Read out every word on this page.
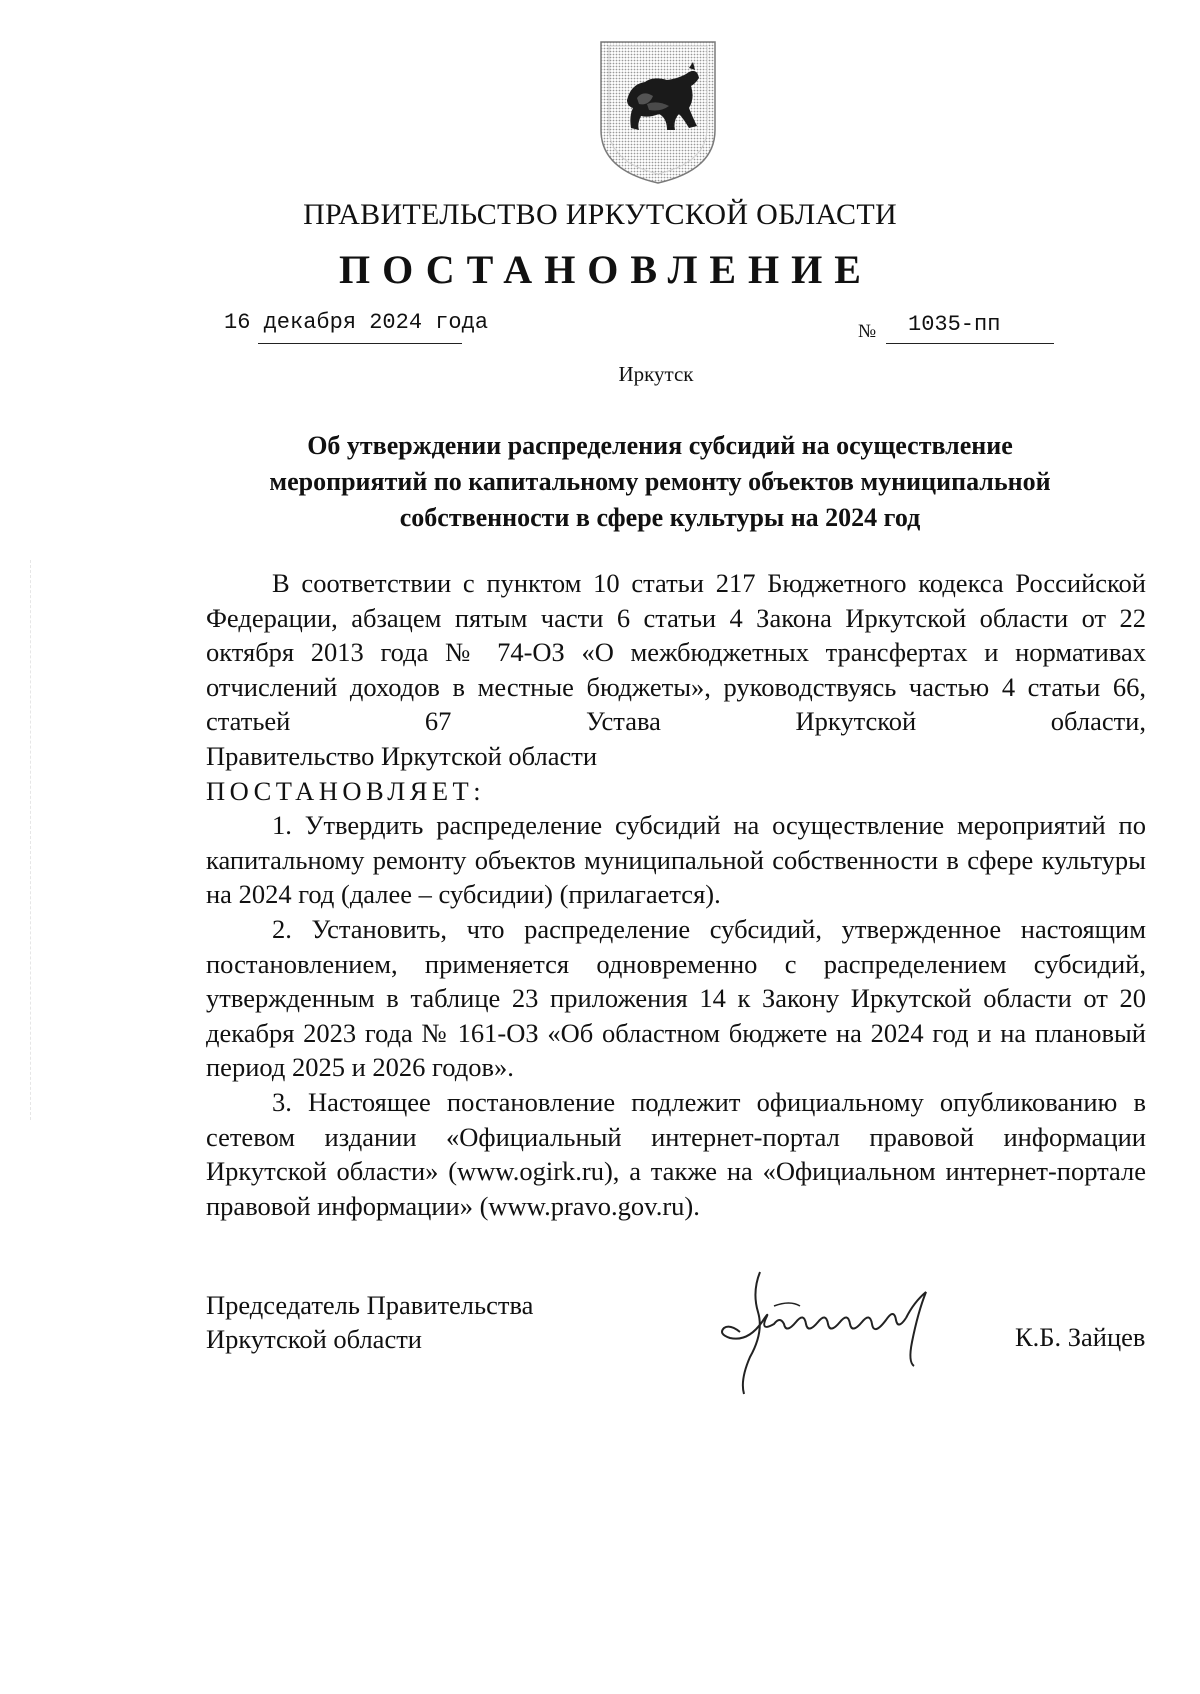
ПРАВИТЕЛЬСТВО ИРКУТСКОЙ ОБЛАСТИ
ПОСТАНОВЛЕНИЕ
16 декабря 2024 года	№ 1035-пп
Иркутск
Об утверждении распределения субсидий на осуществление
мероприятий по капитальному ремонту объектов муниципальной
собственности в сфере культуры на 2024 год

В соответствии с пунктом 10 статьи 217 Бюджетного кодекса Российской Федерации, абзацем пятым части 6 статьи 4 Закона Иркутской области от 22 октября 2013 года № 74-ОЗ «О межбюджетных трансфертах и нормативах отчислений доходов в местные бюджеты», руководствуясь частью 4 статьи 66, статьей 67 Устава Иркутской области,

Правительство Иркутской области

ПОСТАНОВЛЯЕТ:

1. Утвердить распределение субсидий на осуществление мероприятий по капитальному ремонту объектов муниципальной собственности в сфере культуры на 2024 год (далее – субсидии) (прилагается).

2. Установить, что распределение субсидий, утвержденное настоящим постановлением, применяется одновременно с распределением субсидий, утвержденным в таблице 23 приложения 14 к Закону Иркутской области от 20 декабря 2023 года № 161-ОЗ «Об областном бюджете на 2024 год и на плановый период 2025 и 2026 годов».

3. Настоящее постановление подлежит официальному опубликованию в сетевом издании «Официальный интернет-портал правовой информации Иркутской области» (www.ogirk.ru), а также на «Официальном интернет-портале правовой информации» (www.pravo.gov.ru).

Председатель Правительства
Иркутской области	К.Б. Зайцев
